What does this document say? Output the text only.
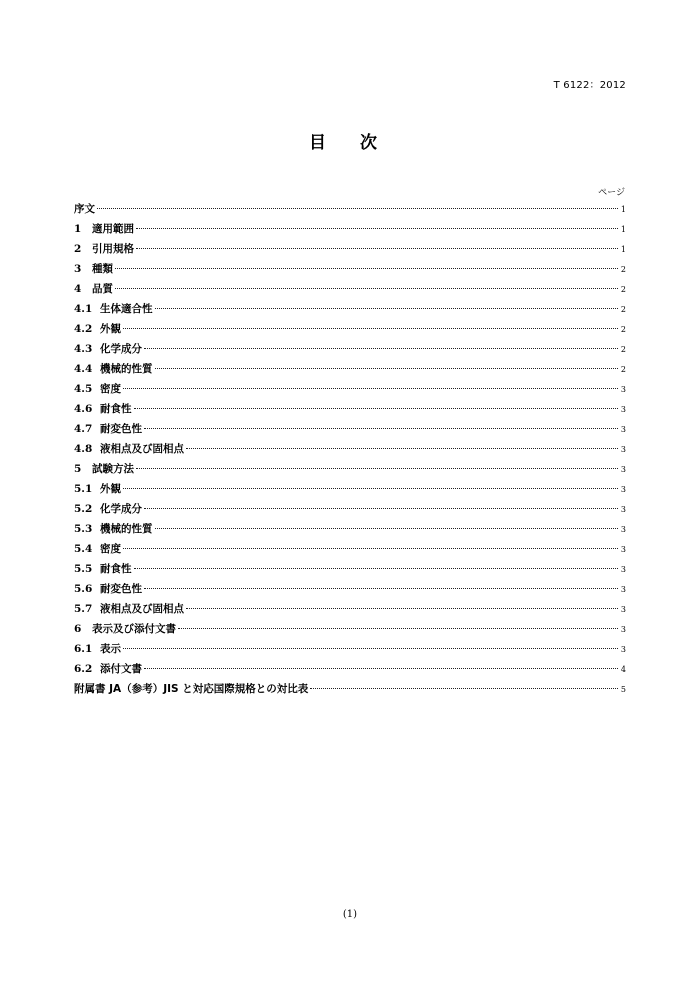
T 6122：2012
目 次
ページ
序文	1
1	適用範囲	1
2	引用規格	1
3	種類	2
4	品質	2
4.1 生体適合性	2
4.2 外観	2
4.3 化学成分	2
4.4 機械的性質	2
4.5 密度	3
4.6 耐食性	3
4.7 耐変色性	3
4.8 液相点及び固相点	3
5	試験方法	3
5.1 外観	3
5.2 化学成分	3
5.3 機械的性質	3
5.4 密度	3
5.5 耐食性	3
5.6 耐変色性	3
5.7 液相点及び固相点	3
6	表示及び添付文書	3
6.1 表示	3
6.2 添付文書	4
附属書 JA（参考）JIS と対応国際規格との対比表	5
(1)
